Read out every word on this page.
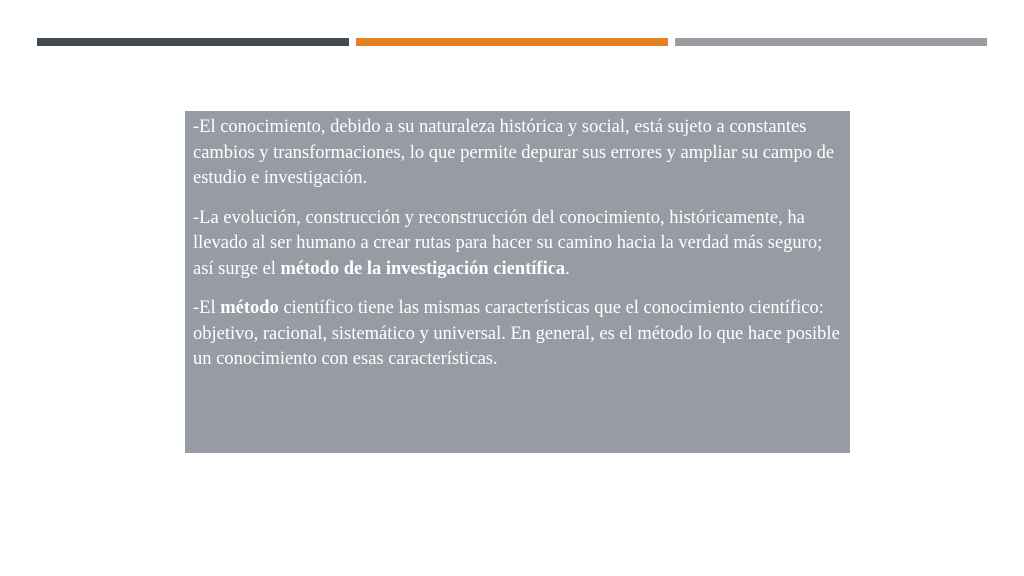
-El conocimiento, debido a su naturaleza histórica y social, está sujeto a constantes cambios y transformaciones, lo que permite depurar sus errores y ampliar su campo de estudio e investigación.

-La evolución, construcción y reconstrucción del conocimiento, históricamente, ha llevado al ser humano a crear rutas para hacer su camino hacia la verdad más seguro; así surge el método de la investigación científica.

-El método científico tiene las mismas características que el conocimiento científico: objetivo, racional, sistemático y universal. En general, es el método lo que hace posible un conocimiento con esas características.
